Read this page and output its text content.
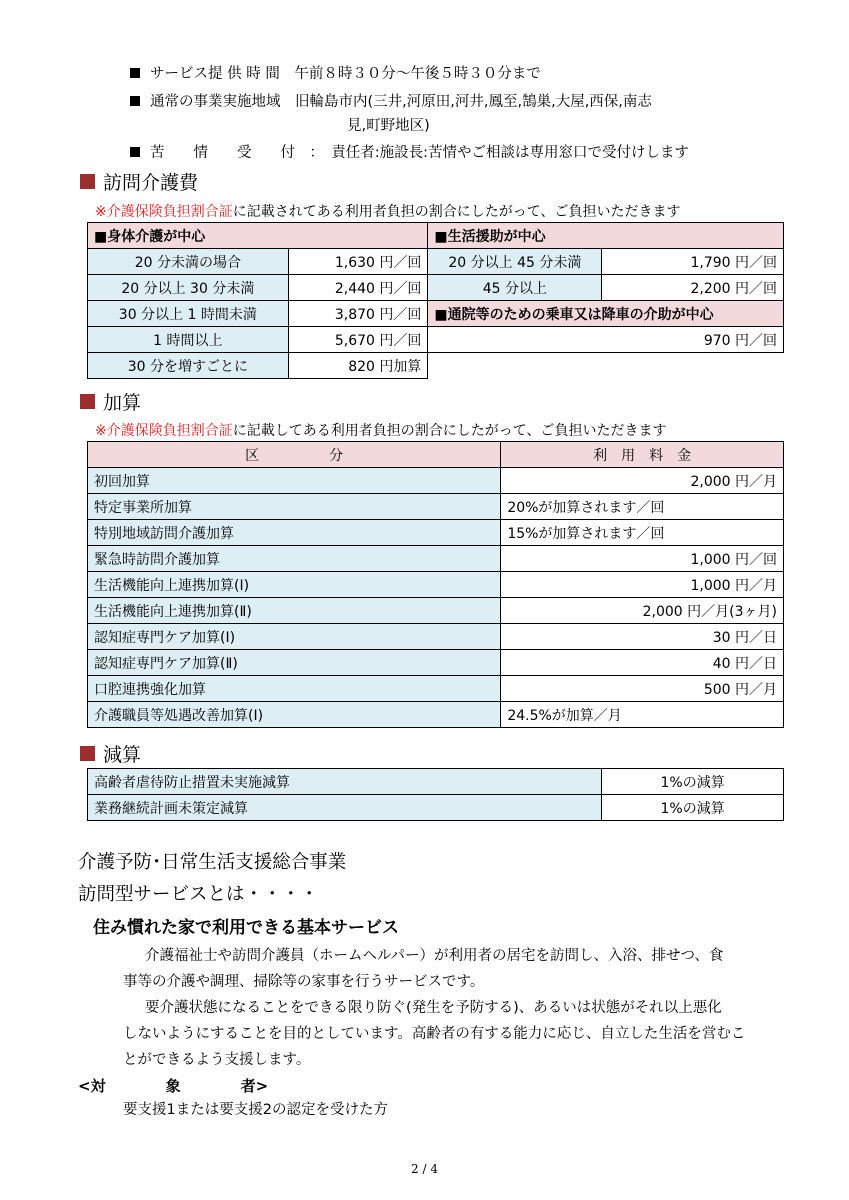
サービス提 供 時 間　 午前８時３０分～午後５時３０分まで
通常の事業実施地域　 旧輪島市内(三井,河原田,河井,鳳至,鵠巣,大屋,西保,南志
見,町野地区)
苦　　情　　受　　付　 ：　責任者:施設長:苦情やご相談は専用窓口で受付けします
訪問介護費
※介護保険負担割合証に記載されてある利用者負担の割合にしたがって、ご負担いただきます
■身体介護が中心		■生活援助が中心	
20 分未満の場合	1,630 円／回	20 分以上 45 分未満	1,790 円／回
20 分以上 30 分未満	2,440 円／回	45 分以上	2,200 円／回
30 分以上 1 時間未満	3,870 円／回	■通院等のための乗車又は降車の介助が中心	
1 時間以上	5,670 円／回	970 円／回	
30 分を増すごとに	820 円加算		
加算
※介護保険負担割合証に記載してある利用者負担の割合にしたがって、ご負担いただきます
区　　　　　分	利　用　料　金
初回加算	2,000 円／月
特定事業所加算	20%が加算されます／回
特別地域訪問介護加算	15%が加算されます／回
緊急時訪問介護加算	1,000 円／回
生活機能向上連携加算(Ⅰ)	1,000 円／月
生活機能向上連携加算(Ⅱ)	2,000 円／月(3ヶ月)
認知症専門ケア加算(Ⅰ)	30 円／日
認知症専門ケア加算(Ⅱ)	40 円／日
口腔連携強化加算	500 円／月
介護職員等処遇改善加算(Ⅰ)	24.5%が加算／月
減算
高齢者虐待防止措置未実施減算	1%の減算
業務継続計画未策定減算	1%の減算
介護予防･日常生活支援総合事業
訪問型サービスとは・・・・
住み慣れた家で利用できる基本サービス
介護福祉士や訪問介護員（ホームヘルパー）が利用者の居宅を訪問し、入浴、排せつ、食
事等の介護や調理、掃除等の家事を行うサービスです。
要介護状態になることをできる限り防ぐ(発生を予防する)、あるいは状態がそれ以上悪化
しないようにすることを目的としています。高齢者の有する能力に応じ、自立した生活を営むこ
とができるよう支援します。
<対　　　　象　　　　者>
要支援1または要支援2の認定を受けた方
2 / 4
